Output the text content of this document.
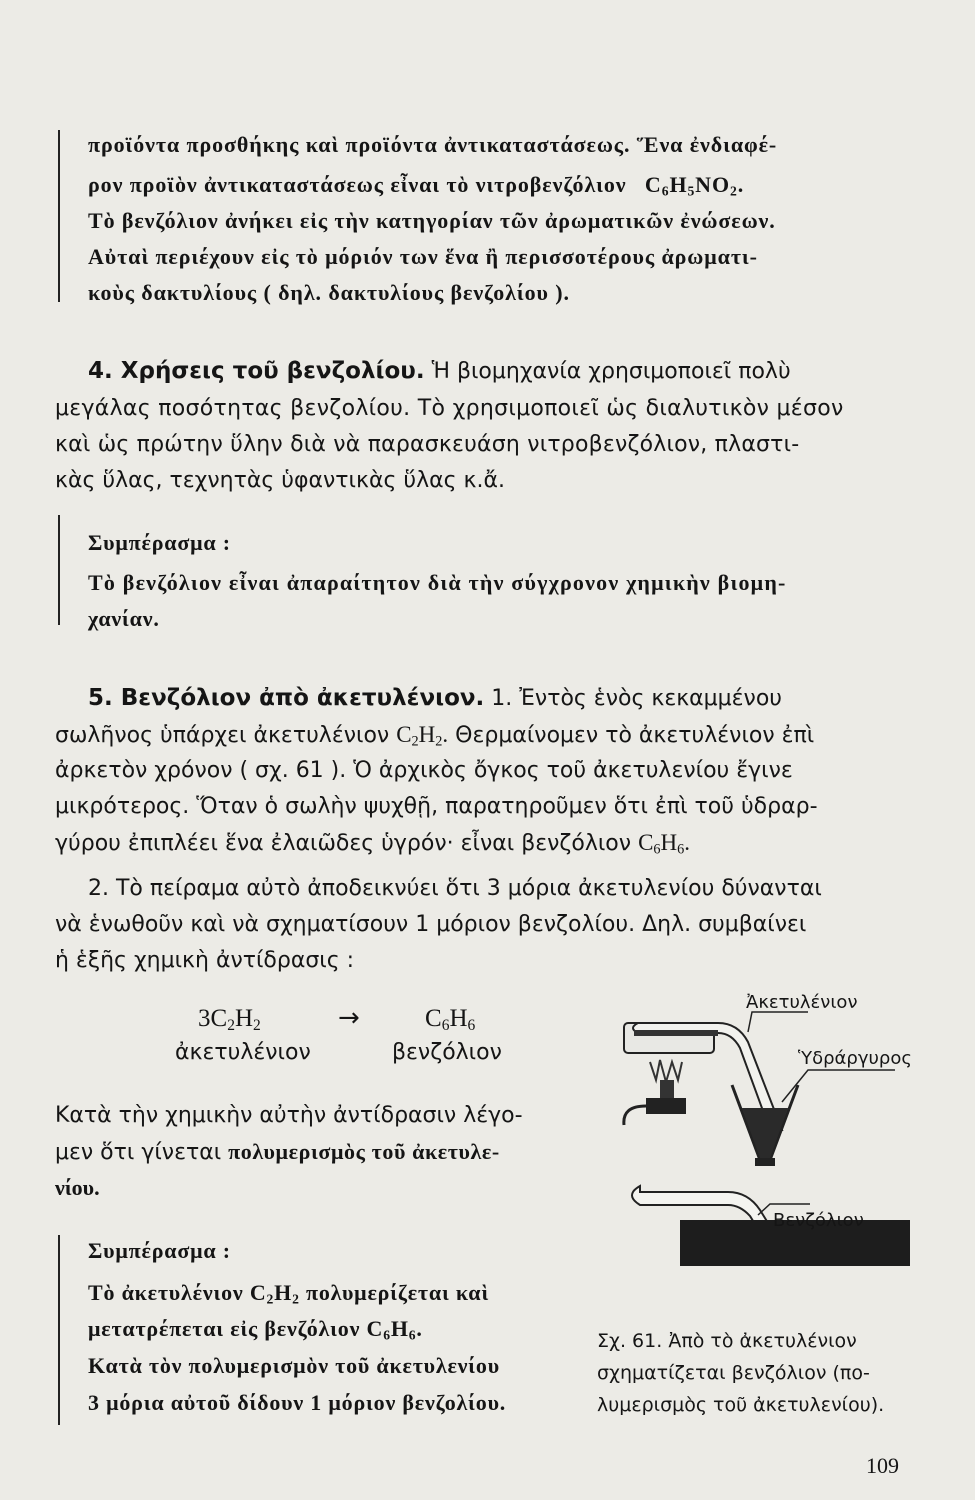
προϊόντα προσθήκης καὶ προϊόντα ἀντικαταστάσεως. Ἕνα ἐνδιαφέ-
ρον προϊὸν ἀντικαταστάσεως εἶναι τὸ νιτροβενζόλιον $C_6H_5NO_2$.
Τὸ βενζόλιον ἀνήκει εἰς τὴν κατηγορίαν τῶν ἀρωματικῶν ἐνώσεων.
Αὐταὶ περιέχουν εἰς τὸ μόριόν των ἕνα ἢ περισσοτέρους ἀρωματι-
κοὺς δακτυλίους ( δηλ. δακτυλίους βενζολίου ).
4. Χρήσεις τοῦ βενζολίου. Ἡ βιομηχανία χρησιμοποιεῖ πολὺ
μεγάλας ποσότητας βενζολίου. Τὸ χρησιμοποιεῖ ὡς διαλυτικὸν μέσον
καὶ ὡς πρώτην ὕλην διὰ νὰ παρασκευάση νιτροβενζόλιον, πλαστι-
κὰς ὕλας, τεχνητὰς ὑφαντικὰς ὕλας κ.ἄ.
Συμπέρασμα :
Τὸ βενζόλιον εἶναι ἀπαραίτητον διὰ τὴν σύγχρονον χημικὴν βιομη-
χανίαν.
5. Βενζόλιον ἀπὸ ἀκετυλένιον. 1. Ἐντὸς ἑνὸς κεκαμμένου
σωλῆνος ὑπάρχει ἀκετυλένιον $C_2H_2$. Θερμαίνομεν τὸ ἀκετυλένιον ἐπὶ
ἀρκετὸν χρόνον ( σχ. 61 ). Ὁ ἀρχικὸς ὄγκος τοῦ ἀκετυλενίου ἔγινε
μικρότερος. Ὅταν ὁ σωλὴν ψυχθῇ, παρατηροῦμεν ὅτι ἐπὶ τοῦ ὑδραρ-
γύρου ἐπιπλέει ἕνα ἐλαιῶδες ὑγρόν· εἶναι βενζόλιον $C_6H_6$.
2. Τὸ πείραμα αὐτὸ ἀποδεικνύει ὅτι 3 μόρια ἀκετυλενίου δύνανται
νὰ ἑνωθοῦν καὶ νὰ σχηματίσουν 1 μόριον βενζολίου. Δηλ. συμβαίνει
ἡ ἑξῆς χημικὴ ἀντίδρασις :
$3C_2H_2$	→	$C_6H_6$
ἀκετυλένιον	βενζόλιον
Κατὰ τὴν χημικὴν αὐτὴν ἀντίδρασιν λέγο-
μεν ὅτι γίνεται πολυμερισμὸς τοῦ ἀκετυλε-
νίου.
Συμπέρασμα :
Τὸ ἀκετυλένιον $C_2H_2$ πολυμερίζεται καὶ
μετατρέπεται εἰς βενζόλιον $C_6H_6$.
Κατὰ τὸν πολυμερισμὸν τοῦ ἀκετυλενίου
3 μόρια αὐτοῦ δίδουν 1 μόριον βενζολίου.
Ἀκετυλένιον
Ὑδράργυρος
Βενζόλιον
Σχ. 61. Ἀπὸ τὸ ἀκετυλένιον
σχηματίζεται βενζόλιον (πο-
λυμερισμὸς τοῦ ἀκετυλενίου).
109
